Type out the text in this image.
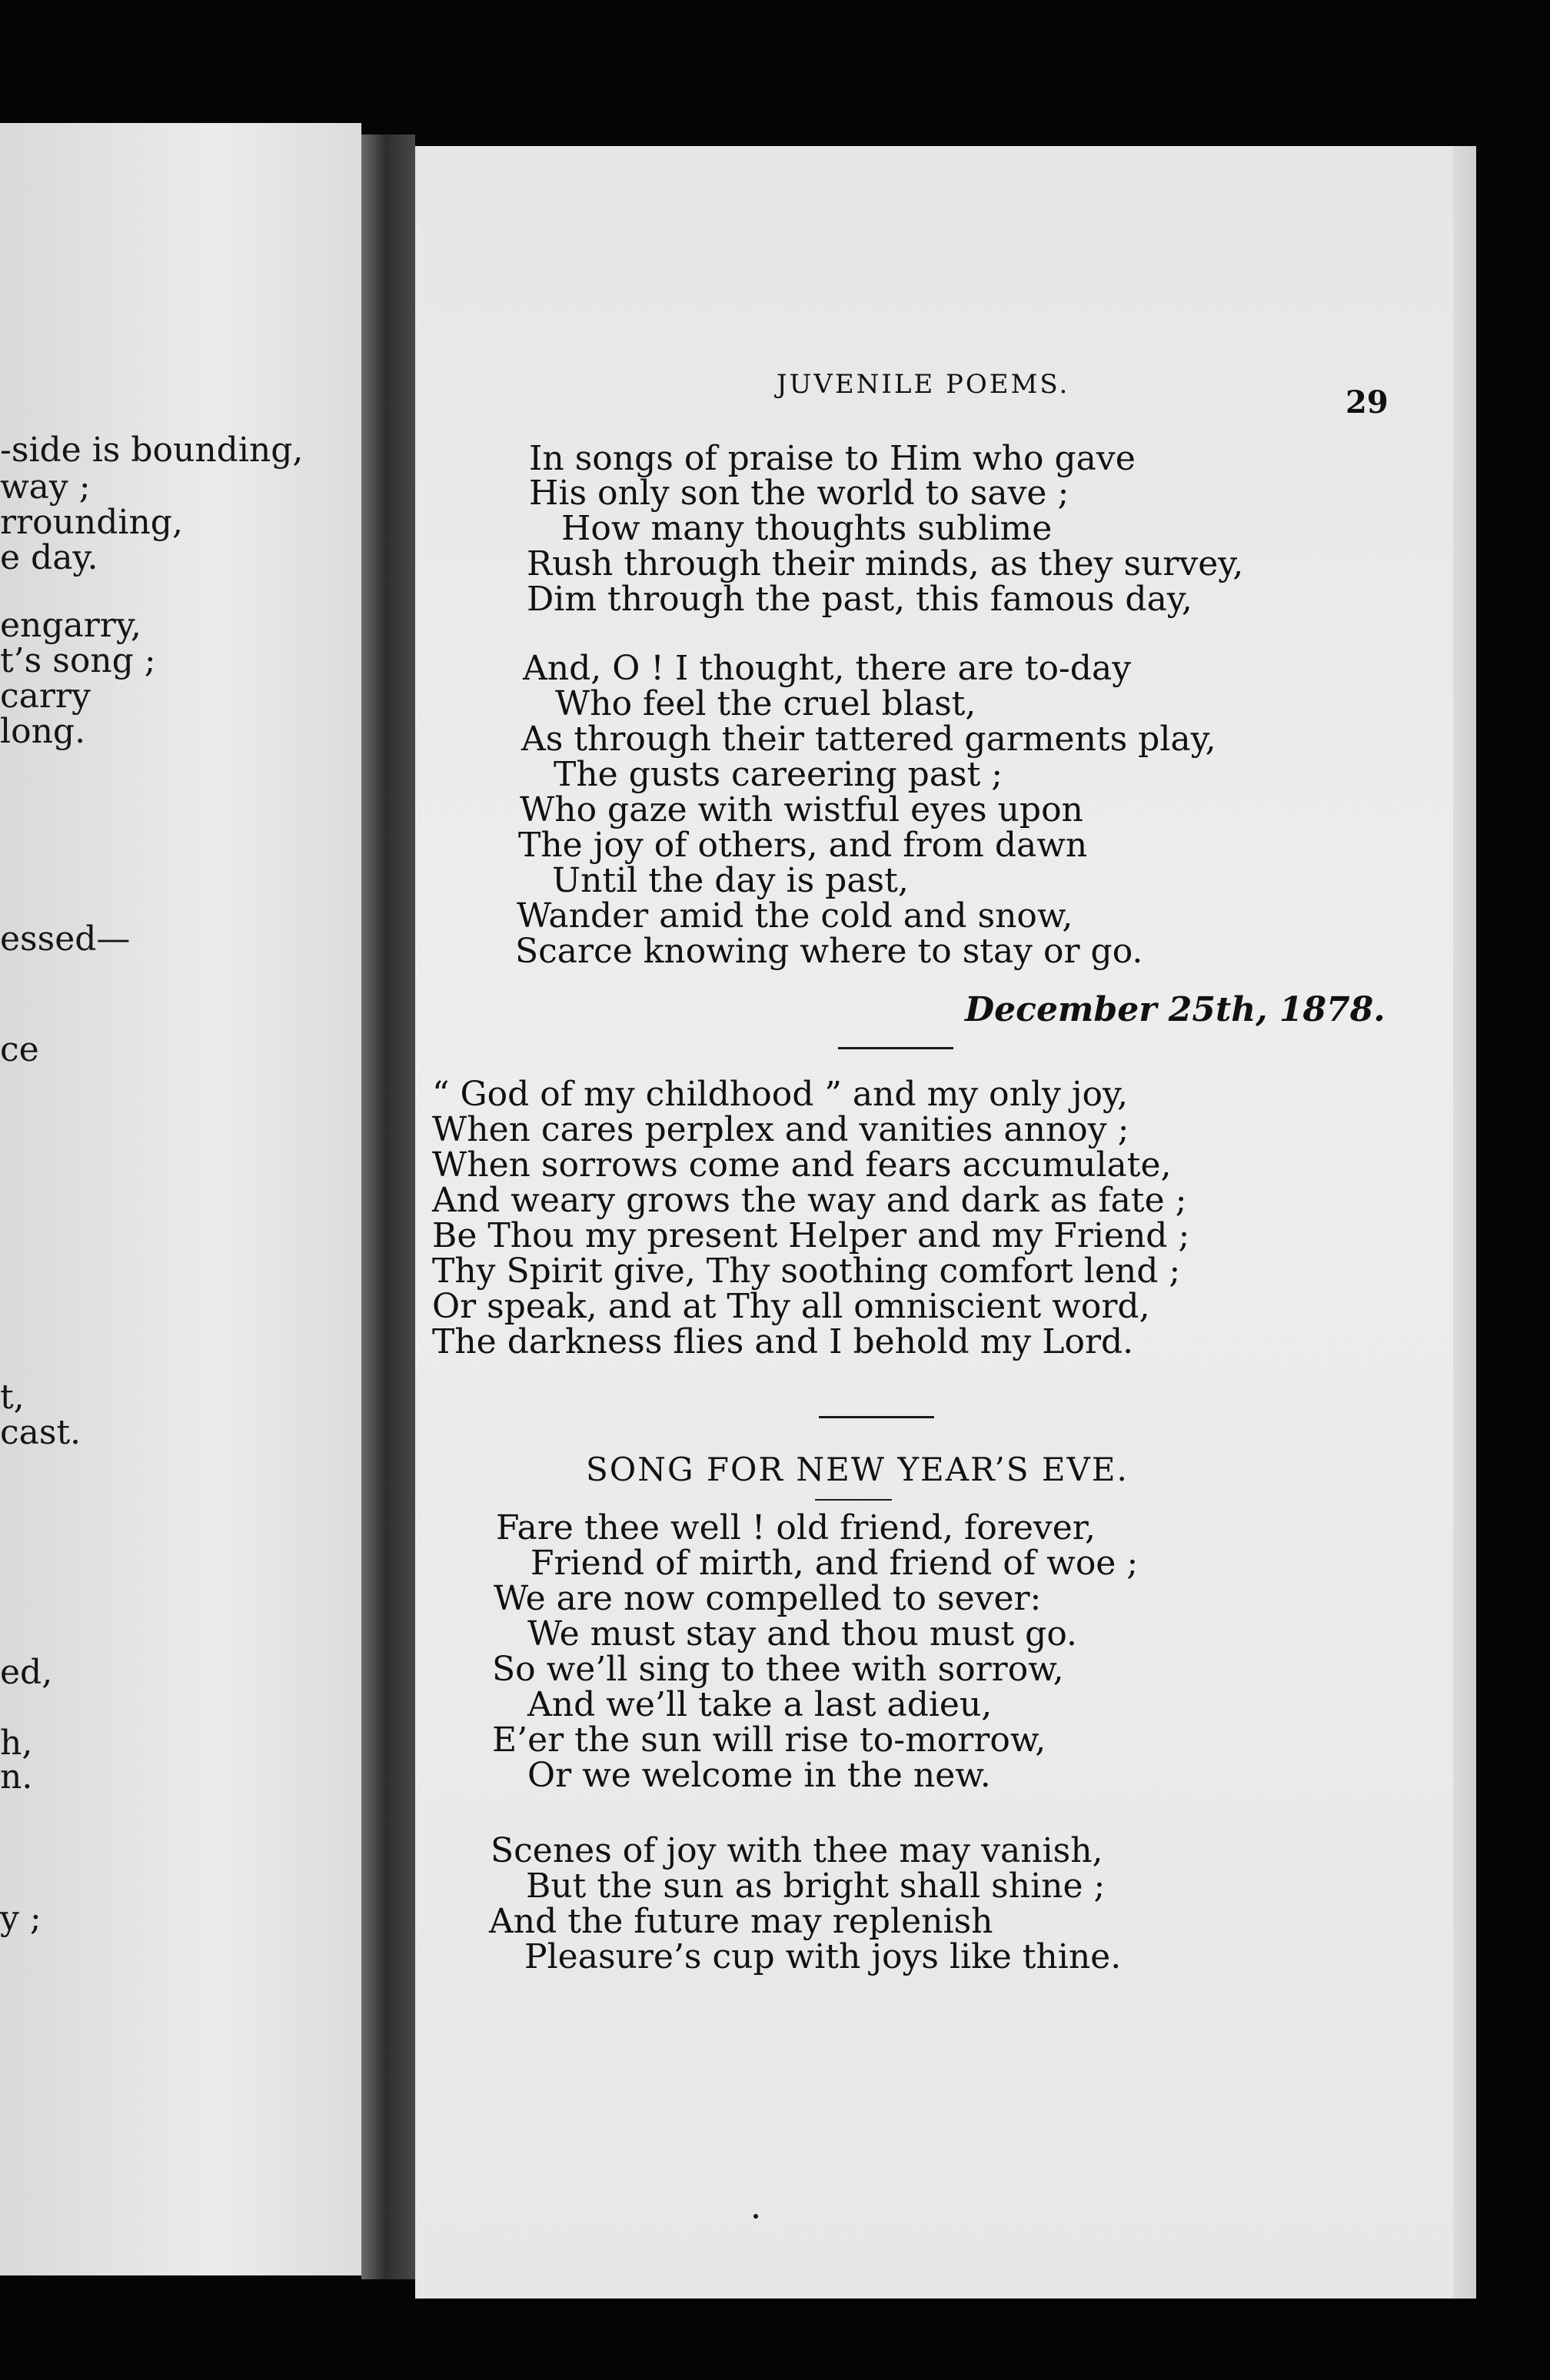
-side is bounding,
way ;
rrounding,
e day.
engarry,
t’s song ;
carry
long.
essed—
ce
t,
cast.
ed,
h,
n.
y ;
JUVENILE POEMS.	29
In songs of praise to Him who gave
His only son the world to save ;
How many thoughts sublime
Rush through their minds, as they survey,
Dim through the past, this famous day,
And, O ! I thought, there are to-day
Who feel the cruel blast,
As through their tattered garments play,
The gusts careering past ;
Who gaze with wistful eyes upon
The joy of others, and from dawn
Until the day is past,
Wander amid the cold and snow,
Scarce knowing where to stay or go.
December 25th, 1878.
“ God of my childhood ” and my only joy,
When cares perplex and vanities annoy ;
When sorrows come and fears accumulate,
And weary grows the way and dark as fate ;
Be Thou my present Helper and my Friend ;
Thy Spirit give, Thy soothing comfort lend ;
Or speak, and at Thy all omniscient word,
The darkness flies and I behold my Lord.
SONG FOR NEW YEAR’S EVE.
Fare thee well ! old friend, forever,
Friend of mirth, and friend of woe ;
We are now compelled to sever:
We must stay and thou must go.
So we’ll sing to thee with sorrow,
And we’ll take a last adieu,
E’er the sun will rise to-morrow,
Or we welcome in the new.
Scenes of joy with thee may vanish,
But the sun as bright shall shine ;
And the future may replenish
Pleasure’s cup with joys like thine.
